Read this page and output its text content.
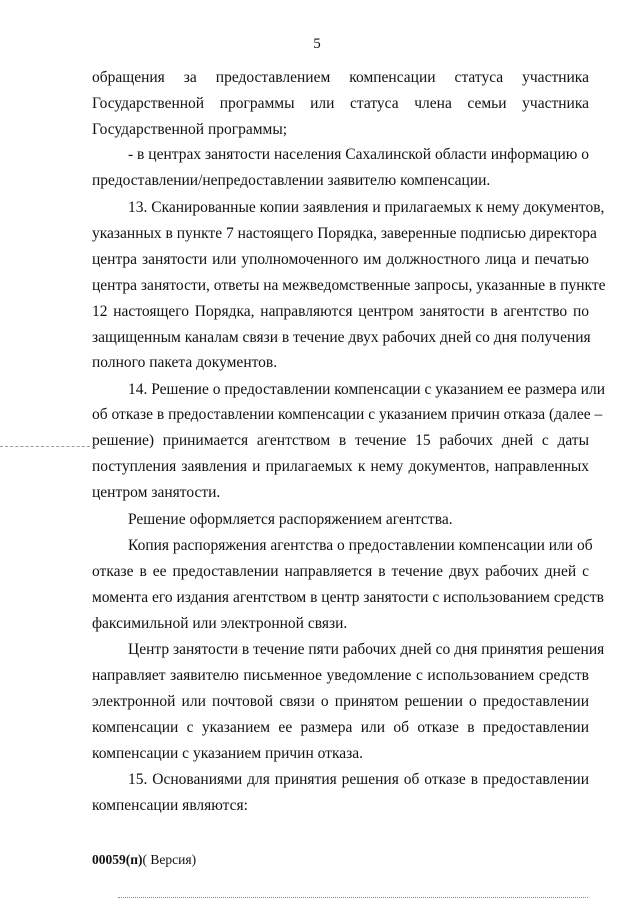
5

обращения за предоставлением компенсации статуса участника

Государственной программы или статуса члена семьи участника

Государственной программы;

- в центрах занятости населения Сахалинской области информацию о

предоставлении/непредоставлении заявителю компенсации.

13. Сканированные копии заявления и прилагаемых к нему документов,

указанных в пункте 7 настоящего Порядка, заверенные подписью директора

центра занятости или уполномоченного им должностного лица и печатью

центра занятости, ответы на межведомственные запросы, указанные в пункте

12 настоящего Порядка, направляются центром занятости в агентство по

защищенным каналам связи в течение двух рабочих дней со дня получения

полного пакета документов.

14. Решение о предоставлении компенсации с указанием ее размера или

об отказе в предоставлении компенсации с указанием причин отказа (далее –

решение) принимается агентством в течение 15 рабочих дней с даты

поступления заявления и прилагаемых к нему документов, направленных

центром занятости.

Решение оформляется распоряжением агентства.

Копия распоряжения агентства о предоставлении компенсации или об

отказе в ее предоставлении направляется в течение двух рабочих дней с

момента его издания агентством в центр занятости с использованием средств

факсимильной или электронной связи.

Центр занятости в течение пяти рабочих дней со дня принятия решения

направляет заявителю письменное уведомление с использованием средств

электронной или почтовой связи о принятом решении о предоставлении

компенсации с указанием ее размера или об отказе в предоставлении

компенсации с указанием причин отказа.

15. Основаниями для принятия решения об отказе в предоставлении

компенсации являются:

00059(п)( Версия)
